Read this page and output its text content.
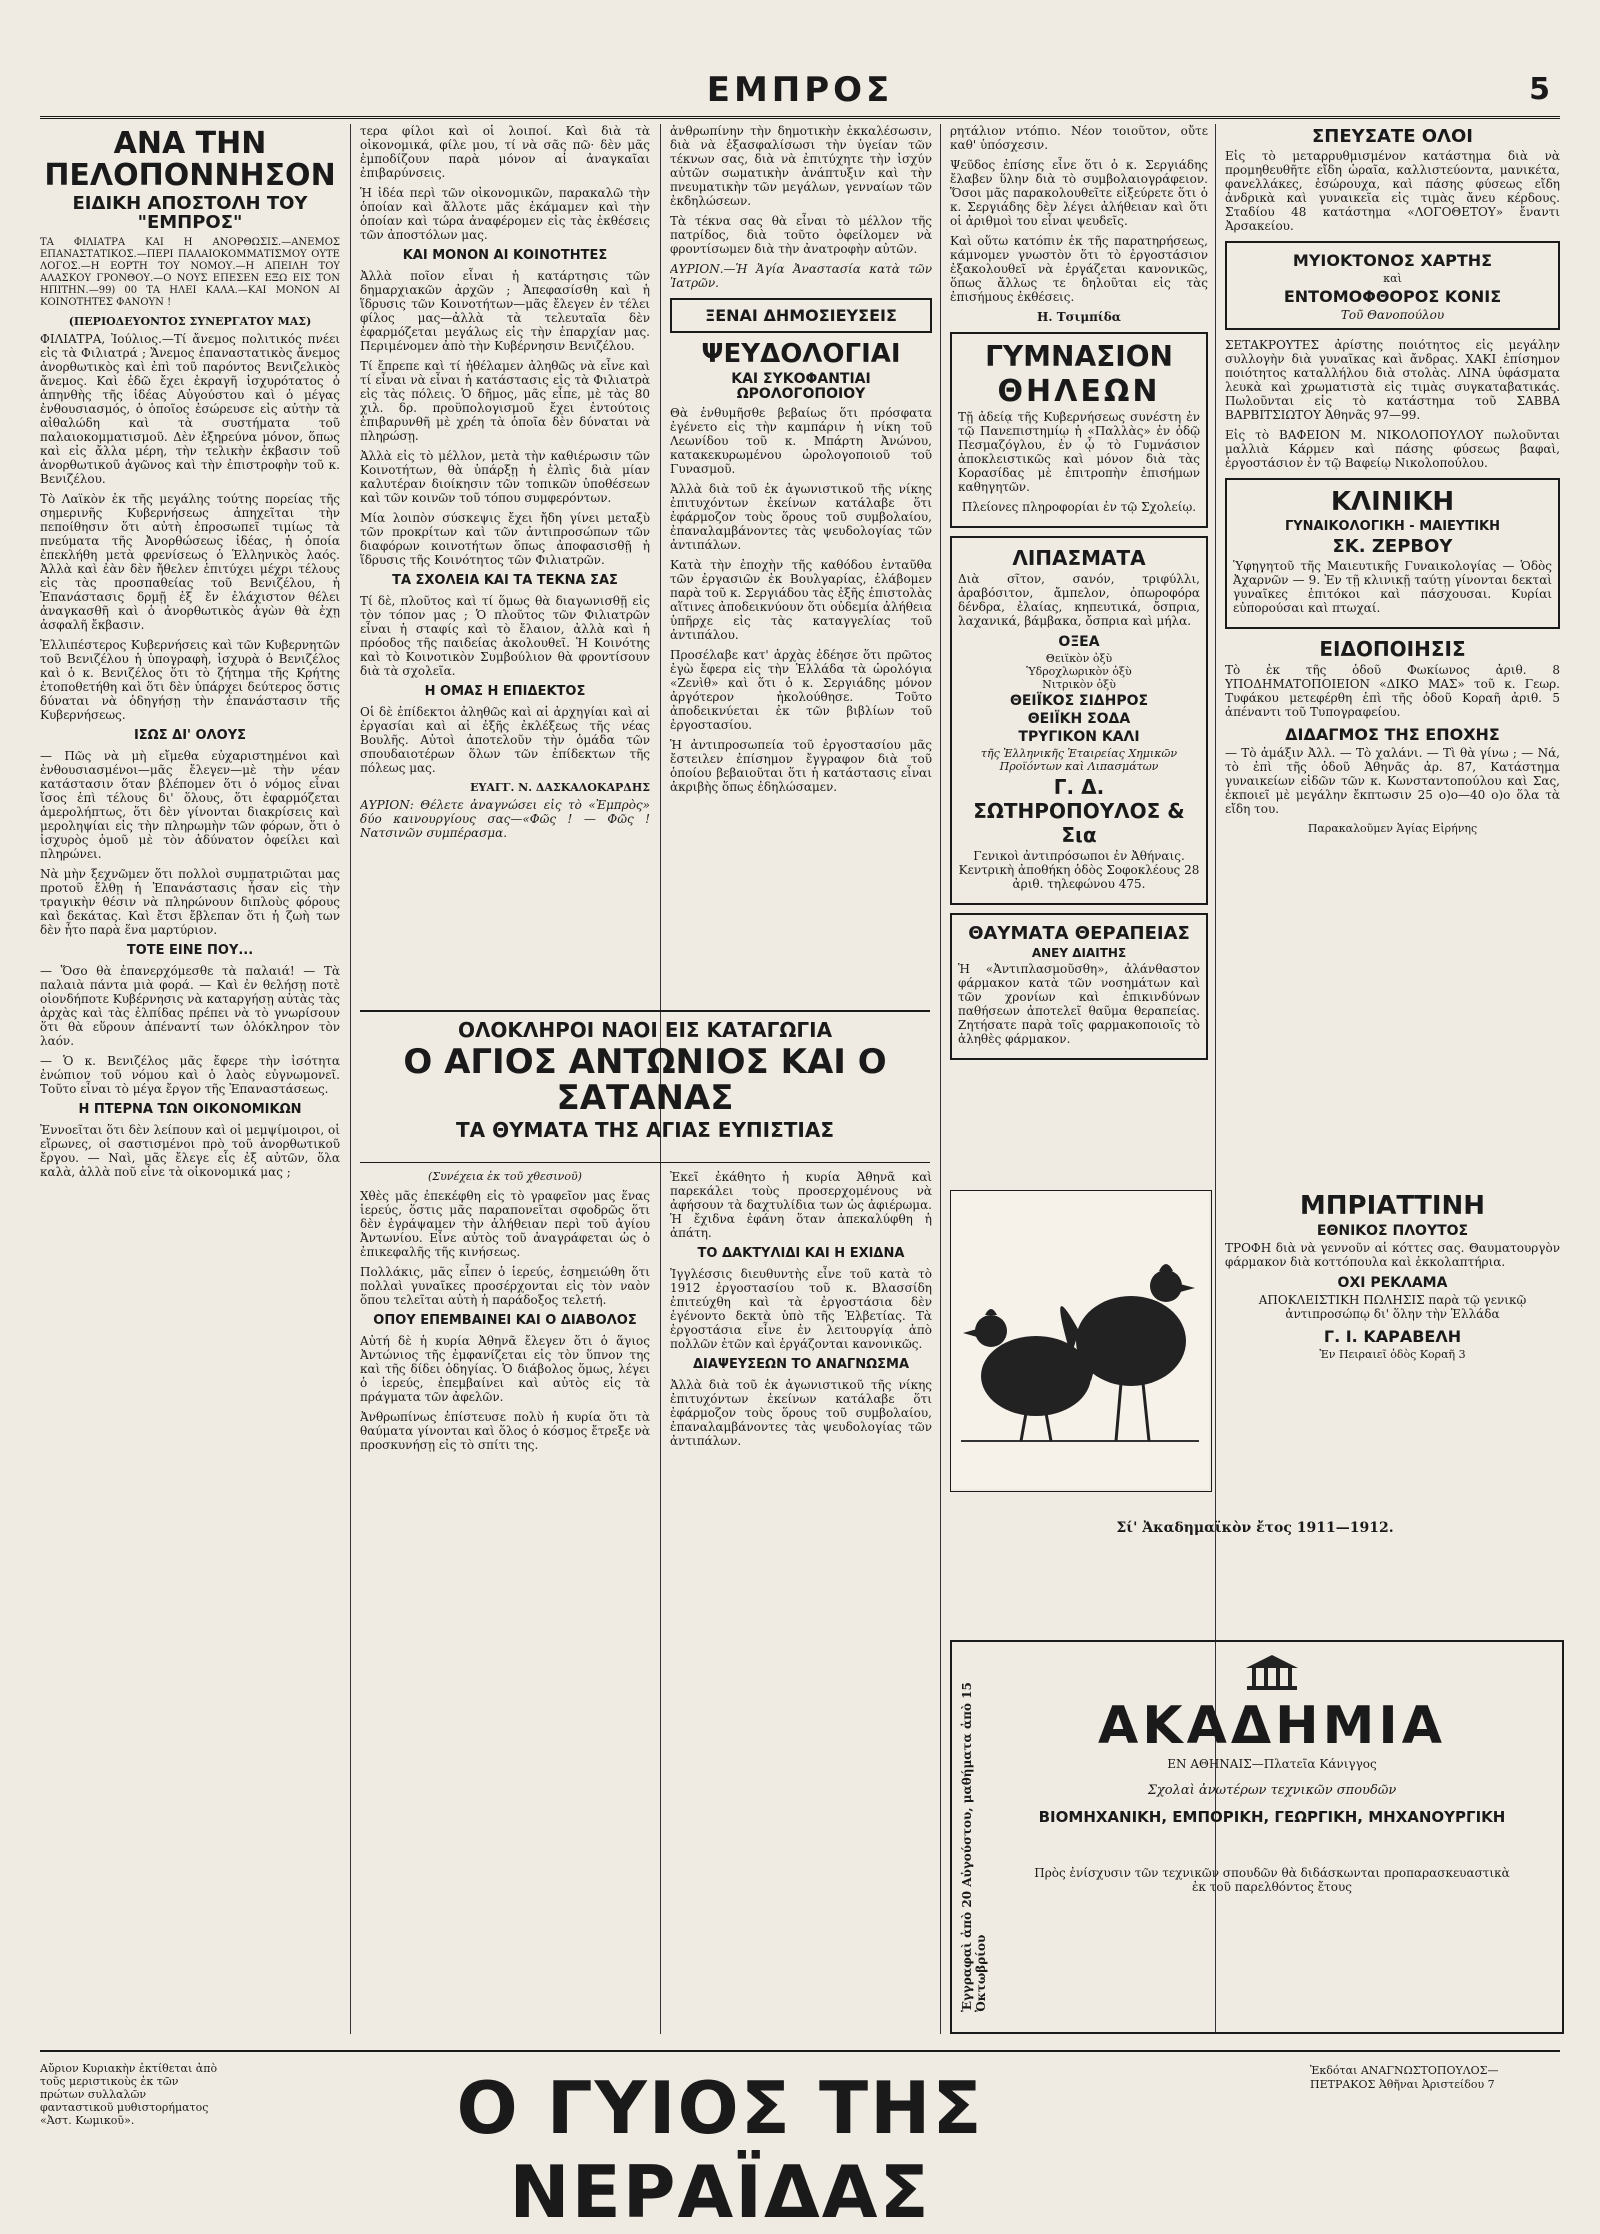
ΕΜΠΡΟΣ	5
ΑΝΑ ΤΗΝ ΠΕΛΟΠΟΝΝΗΣΟΝ
ΕΙΔΙΚΗ ΑΠΟΣΤΟΛΗ ΤΟΥ "ΕΜΠΡΟΣ"

ΤΑ ΦΙΛΙΑΤΡΑ ΚΑΙ Η ΑΝΟΡΘΩΣΙΣ.—ΑΝΕΜΟΣ ΕΠΑΝΑΣΤΑΤΙΚΟΣ.—ΠΕΡΙ ΠΑΛΑΙΟΚΟΜΜΑΤΙΣΜΟΥ ΟΥΤΕ ΛΟΓΟΣ.—Η ΕΟΡΤΗ ΤΟΥ ΝΟΜΟΥ.—Η ΑΠΕΙΛΗ ΤΟΥ ΑΛΑΣΚΟΥ ΓΡΟΝΘΟΥ.—Ο ΝΟΥΣ ΕΠΕΣΕΝ ΕΞΩ ΕΙΣ ΤΟΝ ΗΠΙΤΗΝ.—99) 00 ΤΑ ΗΛΕΙ ΚΑΛΑ.—ΚΑΙ ΜΟΝΟΝ ΑΙ ΚΟΙΝΟΤΗΤΕΣ ΦΑΝΟΥΝ !

(ΠΕΡΙΟΔΕΥΟΝΤΟΣ ΣΥΝΕΡΓΑΤΟΥ ΜΑΣ)

ΦΙΛΙΑΤΡΑ, Ἰούλιος.—Τί ἄνεμος πολιτικός πνέει εἰς τὰ Φιλιατρά ; Ἄνεμος ἐπαναστατικὸς ἄνεμος ἀνορθωτικὸς καὶ ἐπὶ τοῦ παρόντος Βενιζελικὸς ἄνεμος. Καὶ ἐδῶ ἔχει ἐκραγῆ ἰσχυρότατος ὁ ἀπηνθὴς τῆς ἰδέας Αὐγούστου καὶ ὁ μέγας ἐνθουσιασμός, ὁ ὁποῖος ἐσώρευσε εἰς αὐτὴν τὰ αἰθαλώδη καὶ τὰ συστήματα τοῦ παλαιοκομματισμοῦ. Δὲν ἐξηρεύνα μόνον, ὅπως καὶ εἰς ἄλλα μέρη, τὴν τελικὴν ἐκβασιν τοῦ ἀνορθωτικοῦ ἀγῶνος καὶ τὴν ἐπιστροφὴν τοῦ κ. Βενιζέλου.

Τὸ Λαϊκὸν ἐκ τῆς μεγάλης τούτης πορείας τῆς σημερινῆς Κυβερνήσεως ἀπηχεῖται τὴν πεποίθησιν ὅτι αὐτὴ ἐπροσωπεῖ τιμίως τὰ πνεύματα τῆς Ἀνορθώσεως ἰδέας, ἡ ὁποία ἐπεκλήθη μετὰ φρενίσεως ὁ Ἑλληνικὸς λαός. Ἀλλὰ καὶ ἐὰν δὲν ἤθελεν ἐπιτύχει μέχρι τέλους εἰς τὰς προσπαθείας τοῦ Βενιζέλου, ἡ Ἐπανάστασις δρμῇ ἐξ ἔν ἐλάχιστον θέλει ἀναγκασθῆ καὶ ὁ ἀνορθωτικὸς ἀγὼν θὰ ἐχῃ ἀσφαλῆ ἔκβασιν.

Ἐλλιπέστερος Κυβερνήσεις καὶ τῶν Κυβερνητῶν τοῦ Βενιζέλου ἡ ὑπογραφὴ, ἰσχυρὰ ὁ Βενιζέλος καὶ ὁ κ. Βενιζέλος ὅτι τὸ ζήτημα τῆς Κρήτης ἐτοποθετήθη καὶ ὅτι δὲν ὑπάρχει δεύτερος ὅστις δύναται νὰ ὁδηγήσῃ τὴν ἐπανάστασιν τῆς Κυβερνήσεως.

ΙΣΩΣ ΔΙ' ΟΛΟΥΣ

— Πῶς νὰ μὴ εἴμεθα εὐχαριστημένοι καὶ ἐνθουσιασμένοι—μᾶς ἔλεγεν—μὲ τὴν νέαν κατάστασιν ὅταν βλέπομεν ὅτι ὁ νόμος εἶναι ἴσος ἐπὶ τέλους δι' ὅλους, ὅτι ἐφαρμόζεται ἀμερολήπτως, ὅτι δὲν γίνονται διακρίσεις καὶ μεροληψίαι εἰς τὴν πληρωμὴν τῶν φόρων, ὅτι ὁ ἰσχυρὸς ὁμοῦ μὲ τὸν ἀδύνατον ὀφείλει καὶ πληρώνει.

Νὰ μὴν ξεχνῶμεν ὅτι πολλοὶ συμπατριῶται μας προτοῦ ἔλθῃ ἡ Ἐπανάστασις ἦσαν εἰς τὴν τραγικὴν θέσιν νὰ πληρώνουν διπλοὺς φόρους καὶ δεκάτας. Καὶ ἔτσι ἔβλεπαν ὅτι ἡ ζωὴ των δὲν ἦτο παρὰ ἕνα μαρτύριον.

ΤΟΤΕ ΕΙΝΕ ΠΟΥ...

— Ὅσο θὰ ἐπανερχόμεσθε τὰ παλαιά! — Τὰ παλαιὰ πάντα μιὰ φορά. — Καὶ ἐν θελήσῃ ποτὲ οἱονδήποτε Κυβέρνησις νὰ καταργήσῃ αὐτὰς τὰς ἀρχὰς καὶ τὰς ἐλπίδας πρέπει νὰ τὸ γνωρίσουν ὅτι θὰ εὕρουν ἀπέναντί των ὁλόκληρον τὸν λαόν.

— Ὁ κ. Βενιζέλος μᾶς ἔφερε τὴν ἰσότητα ἐνώπιον τοῦ νόμου καὶ ὁ λαὸς εὐγνωμονεῖ. Τοῦτο εἶναι τὸ μέγα ἔργον τῆς Ἐπαναστάσεως.

Η ΠΤΕΡΝΑ ΤΩΝ ΟΙΚΟΝΟΜΙΚΩΝ

Ἐννοεῖται ὅτι δὲν λείπουν καὶ οἱ μεμψίμοιροι, οἱ εἴρωνες, οἱ σαστισμένοι πρὸ τοῦ ἀνορθωτικοῦ ἔργου. — Ναὶ, μᾶς ἔλεγε εἷς ἐξ αὐτῶν, ὅλα καλὰ, ἀλλὰ ποῦ εἶνε τὰ οἰκονομικά μας ;

τερα φίλοι καὶ οἱ λοιποί. Καὶ διὰ τὰ οἰκονομικά, φίλε μου, τί νὰ σᾶς πῶ· δὲν μᾶς ἐμποδίζουν παρὰ μόνον αἱ ἀναγκαῖαι ἐπιβαρύνσεις.

Ἡ ἰδέα περὶ τῶν οἰκονομικῶν, παρακαλῶ τὴν ὁποίαν καὶ ἄλλοτε μᾶς ἐκάμαμεν καὶ τὴν ὁποίαν καὶ τώρα ἀναφέρομεν εἰς τὰς ἐκθέσεις τῶν ἀποστόλων μας.

ΚΑΙ ΜΟΝΟΝ ΑΙ ΚΟΙΝΟΤΗΤΕΣ

Ἀλλὰ ποῖον εἶναι ἡ κατάρτησις τῶν δημαρχιακῶν ἀρχῶν ; Ἀπεφασίσθη καὶ ἡ ἵδρυσις τῶν Κοινοτήτων—μᾶς ἔλεγεν ἐν τέλει φίλος μας—ἀλλὰ τὰ τελευταῖα δὲν ἐφαρμόζεται μεγάλως εἰς τὴν ἐπαρχίαν μας. Περιμένομεν ἀπὸ τὴν Κυβέρνησιν Βενιζέλου.

Τί ἔπρεπε καὶ τί ἠθέλαμεν ἀληθῶς νὰ εἶνε καὶ τί εἶναι νὰ εἶναι ἡ κατάστασις εἰς τὰ Φιλιατρὰ εἰς τὰς πόλεις. Ὁ δῆμος, μᾶς εἶπε, μὲ τὰς 80 χιλ. δρ. προϋπολογισμοῦ ἔχει ἐντούτοις ἐπιβαρυνθῆ μὲ χρέη τὰ ὁποῖα δὲν δύναται νὰ πληρώσῃ.

Ἀλλὰ εἰς τὸ μέλλον, μετὰ τὴν καθιέρωσιν τῶν Κοινοτήτων, θὰ ὑπάρξῃ ἡ ἐλπὶς διὰ μίαν καλυτέραν διοίκησιν τῶν τοπικῶν ὑποθέσεων καὶ τῶν κοινῶν τοῦ τόπου συμφερόντων.

Μία λοιπὸν σύσκεψις ἔχει ἤδη γίνει μεταξὺ τῶν προκρίτων καὶ τῶν ἀντιπροσώπων τῶν διαφόρων κοινοτήτων ὅπως ἀποφασισθῇ ἡ ἵδρυσις τῆς Κοινότητος τῶν Φιλιατρῶν.

ΤΑ ΣΧΟΛΕΙΑ ΚΑΙ ΤΑ ΤΕΚΝΑ ΣΑΣ

Τί δὲ, πλοῦτος καὶ τί ὅμως θὰ διαγωνισθῇ εἰς τὸν τόπον μας ; Ὁ πλοῦτος τῶν Φιλιατρῶν εἶναι ἡ σταφίς καὶ τὸ ἔλαιον, ἀλλὰ καὶ ἡ πρόοδος τῆς παιδείας ἀκολουθεῖ. Ἡ Κοινότης καὶ τὸ Κοινοτικὸν Συμβούλιον θὰ φροντίσουν διὰ τὰ σχολεῖα.

Η ΟΜΑΣ Η ΕΠΙΔΕΚΤΟΣ

Οἱ δὲ ἐπίδεκτοι ἀληθῶς καὶ αἱ ἀρχηγίαι καὶ αἱ ἐργασίαι καὶ αἱ ἐξῆς ἐκλέξεως τῆς νέας Βουλῆς. Αὐτοὶ ἀποτελοῦν τὴν ὁμάδα τῶν σπουδαιοτέρων ὅλων τῶν ἐπίδεκτων τῆς πόλεως μας.

ΕΥΑΓΓ. Ν. ΔΑΣΚΑΛΟΚΑΡΔΗΣ

ΑΥΡΙΟΝ: Θέλετε ἀναγνώσει εἰς τὸ «Ἐμπρὸς» δύο καινουργίους σας—«Φῶς ! — Φῶς ! Νατσινῶν συμπέρασμα.

ΟΛΟΚΛΗΡΟΙ ΝΑΟΙ ΕΙΣ ΚΑΤΑΓΩΓΙΑ
Ο ΑΓΙΟΣ ΑΝΤΩΝΙΟΣ ΚΑΙ Ο ΣΑΤΑΝΑΣ
ΤΑ ΘΥΜΑΤΑ ΤΗΣ ΑΓΙΑΣ ΕΥΠΙΣΤΙΑΣ
(Συνέχεια ἐκ τοῦ χθεσινοῦ)

Χθὲς μᾶς ἐπεκέφθη εἰς τὸ γραφεῖον μας ἕνας ἱερεύς, ὅστις μᾶς παραπονεῖται σφοδρῶς ὅτι δὲν ἐγράψαμεν τὴν ἀλήθειαν περὶ τοῦ ἁγίου Ἀντωνίου. Εἶνε αὐτὸς τοῦ ἀναγράφεται ὡς ὁ ἐπικεφαλῆς τῆς κινήσεως.

Πολλάκις, μᾶς εἶπεν ὁ ἱερεύς, ἐσημειώθη ὅτι πολλαὶ γυναῖκες προσέρχονται εἰς τὸν ναὸν ὅπου τελεῖται αὐτὴ ἡ παράδοξος τελετή.

ΟΠΟΥ ΕΠΕΜΒΑΙΝΕΙ ΚΑΙ Ο ΔΙΑΒΟΛΟΣ

Αὐτή δὲ ἡ κυρία Ἀθηνᾶ ἔλεγεν ὅτι ὁ ἅγιος Ἀντώνιος τῆς ἐμφανίζεται εἰς τὸν ὕπνον της καὶ τῆς δίδει ὁδηγίας. Ὁ διάβολος ὅμως, λέγει ὁ ἱερεύς, ἐπεμβαίνει καὶ αὐτὸς εἰς τὰ πράγματα τῶν ἀφελῶν.

Ἀνθρωπίνως ἐπίστευσε πολὺ ἡ κυρία ὅτι τὰ θαύματα γίνονται καὶ ὅλος ὁ κόσμος ἔτρεξε νὰ προσκυνήσῃ εἰς τὸ σπίτι της.

ἀνθρωπίνην τὴν δημοτικὴν ἐκκαλέσωσιν, διὰ νὰ ἐξασφαλίσωσι τὴν ὑγείαν τῶν τέκνων σας, διὰ νὰ ἐπιτύχητε τὴν ἰσχύν αὐτῶν σωματικὴν ἀνάπτυξιν καὶ τὴν πνευματικὴν τῶν μεγάλων, γενναίων τῶν ἐκδηλώσεων.

Τὰ τέκνα σας θὰ εἶναι τὸ μέλλον τῆς πατρίδος, διὰ τοῦτο ὀφείλομεν νὰ φροντίσωμεν διὰ τὴν ἀνατροφὴν αὐτῶν.

ΑΥΡΙΟΝ.—Ἡ Ἁγία Ἀναστασία κατὰ τῶν Ἰατρῶν.

ΞΕΝΑΙ ΔΗΜΟΣΙΕΥΣΕΙΣ
ΨΕΥΔΟΛΟΓΙΑΙ
ΚΑΙ ΣΥΚΟΦΑΝΤΙΑΙ ΩΡΟΛΟΓΟΠΟΙΟΥ

Θὰ ἐνθυμῆσθε βεβαίως ὅτι πρόσφατα ἐγένετο εἰς τὴν καμπάριν ἡ νίκη τοῦ Λεωνίδου τοῦ κ. Μπάρτη Ἀνώνου, κατακεκυρωμένου ὡρολογοποιοῦ τοῦ Γυνασμοῦ.

Ἀλλὰ διὰ τοῦ ἐκ ἀγωνιστικοῦ τῆς νίκης ἐπιτυχόντων ἐκείνων κατάλαβε ὅτι ἐφάρμοζον τοὺς ὅρους τοῦ συμβολαίου, ἐπαναλαμβάνοντες τὰς ψευδολογίας τῶν ἀντιπάλων.

Κατὰ τὴν ἐποχὴν τῆς καθόδου ἐνταῦθα τῶν ἐργασιῶν ἐκ Βουλγαρίας, ἐλάβομεν παρὰ τοῦ κ. Σεργιάδου τὰς ἐξῆς ἐπιστολὰς αἵτινες ἀποδεικνύουν ὅτι οὐδεμία ἀλήθεια ὑπῆρχε εἰς τὰς καταγγελίας τοῦ ἀντιπάλου.

Προσέλαβε κατ' ἀρχὰς ἐδέησε ὅτι πρῶτος ἐγὼ ἔφερα εἰς τὴν Ἑλλάδα τὰ ὡρολόγια «Ζενὶθ» καὶ ὅτι ὁ κ. Σεργιάδης μόνον ἀργότερον ἠκολούθησε. Τοῦτο ἀποδεικνύεται ἐκ τῶν βιβλίων τοῦ ἐργοστασίου.

Ἡ ἀντιπροσωπεία τοῦ ἐργοστασίου μᾶς ἔστειλεν ἐπίσημον ἔγγραφον διὰ τοῦ ὁποίου βεβαιοῦται ὅτι ἡ κατάστασις εἶναι ἀκριβὴς ὅπως ἐδηλώσαμεν.

Ἐκεῖ ἐκάθητο ἡ κυρία Ἀθηνᾶ καὶ παρεκάλει τοὺς προσερχομένους νὰ ἀφήσουν τὰ δαχτυλίδια των ὡς ἀφιέρωμα. Ἡ ἔχιδνα ἐφάνη ὅταν ἀπεκαλύφθη ἡ ἀπάτη.

ΤΟ ΔΑΚΤΥΛΙΔΙ ΚΑΙ Η ΕΧΙΔΝΑ

Ἰγγλέσσις διευθυντὴς εἶνε τοῦ κατὰ τὸ 1912 ἐργοστασίου τοῦ κ. Βλασσίδη ἐπιτεύχθη καὶ τὰ ἐργοστάσια δὲν ἐγένοντο δεκτὰ ὑπὸ τῆς Ἐλβετίας. Τὰ ἐργοστάσια εἶνε ἐν λειτουργίᾳ ἀπὸ πολλῶν ἐτῶν καὶ ἐργάζονται κανονικῶς.

ΔΙΑΨΕΥΣΕΩΝ ΤΟ ΑΝΑΓΝΩΣΜΑ

Ἀλλὰ διὰ τοῦ ἐκ ἀγωνιστικοῦ τῆς νίκης ἐπιτυχόντων ἐκείνων κατάλαβε ὅτι ἐφάρμοζον τοὺς ὅρους τοῦ συμβολαίου, ἐπαναλαμβάνοντες τὰς ψευδολογίας τῶν ἀντιπάλων.

ρητάλιον ντόπιο. Νέον τοιοῦτον, οὔτε καθ' ὑπόσχεσιν.

Ψεῦδος ἐπίσης εἶνε ὅτι ὁ κ. Σεργιάδης ἔλαβεν ὕλην διὰ τὸ συμβολαιογράφειον. Ὅσοι μᾶς παρακολουθεῖτε εἰξεύρετε ὅτι ὁ κ. Σεργιάδης δὲν λέγει ἀλήθειαν καὶ ὅτι οἱ ἀριθμοὶ του εἶναι ψευδεῖς.

Καὶ οὕτω κατόπιν ἐκ τῆς παρατηρήσεως, κάμνομεν γνωστὸν ὅτι τὸ ἐργοστάσιον ἐξακολουθεῖ νὰ ἐργάζεται κανονικῶς, ὅπως ἄλλως τε δηλοῦται εἰς τὰς ἐπισήμους ἐκθέσεις.

Η. Τσιμπίδα
ΓΥΜΝΑΣΙΟΝ
ΘΗΛΕΩΝ

Τῇ ἀδείᾳ τῆς Κυβερνήσεως συνέστη ἐν τῷ Πανεπιστημίῳ ἡ «Παλλὰς» ἐν ὁδῷ Πεσμαζόγλου, ἐν ᾧ τὸ Γυμνάσιον ἀποκλειστικῶς καὶ μόνον διὰ τὰς Κορασίδας μὲ ἐπιτροπὴν ἐπισήμων καθηγητῶν.

Πλείονες πληροφορίαι ἐν τῷ Σχολείῳ.

ΛΙΠΑΣΜΑΤΑ

Διὰ σῖτον, σανόν, τριφύλλι, ἀραβόσιτον, ἄμπελον, ὀπωροφόρα δένδρα, ἐλαίας, κηπευτικά, ὄσπρια, λαχανικά, βάμβακα, ὄσπρια καὶ μήλα.

ΟΞΕΑ
Θειϊκὸν ὀξὺ
Ὑδροχλωρικὸν ὀξὺ
Νιτρικὸν ὀξὺ
ΘΕΙΪΚΟΣ ΣΙΔΗΡΟΣ
ΘΕΙΪΚΗ ΣΟΔΑ
ΤΡΥΓΙΚΟΝ ΚΑΛΙ
τῆς Ἑλληνικῆς Ἑταιρείας Χημικῶν Προϊόντων καὶ Λιπασμάτων
Γ. Δ. ΣΩΤΗΡΟΠΟΥΛΟΣ & Σια

Γενικοὶ ἀντιπρόσωποι ἐν Ἀθήναις. Κεντρικὴ ἀποθήκη ὁδὸς Σοφοκλέους 28 ἀριθ. τηλεφώνου 475.

ΘΑΥΜΑΤΑ ΘΕΡΑΠΕΙΑΣ
ΑΝΕΥ ΔΙΑΙΤΗΣ

Ἡ «Ἀντιπλασμοῦσθη», ἀλάνθαστον φάρμακον κατὰ τῶν νοσημάτων καὶ τῶν χρονίων καὶ ἐπικινδύνων παθήσεων ἀποτελεῖ θαῦμα θεραπείας. Ζητήσατε παρὰ τοῖς φαρμακοποιοῖς τὸ ἀληθὲς φάρμακον.

ΣΠΕΥΣΑΤΕ ΟΛΟΙ

Εἰς τὸ μεταρρυθμισμένον κατάστημα διὰ νὰ προμηθευθῆτε εἴδη ὡραῖα, καλλιστεύοντα, μανικέτα, φανελλάκες, ἑσώρουχα, καὶ πάσης φύσεως εἴδη ἀνδρικὰ καὶ γυναικεῖα εἰς τιμὰς ἄνευ κέρδους. Σταδίου 48 κατάστημα «ΛΟΓΟΘΕΤΟΥ» ἔναντι Ἀρσακείου.

ΜΥΙΟΚΤΟΝΟΣ ΧΑΡΤΗΣ
καὶ
ΕΝΤΟΜΟΦΘΟΡΟΣ ΚΟΝΙΣ
Τοῦ Θανοπούλου

ΣΕΤΑΚΡΟΥΤΕΣ ἀρίστης ποιότητος εἰς μεγάλην συλλογὴν διὰ γυναῖκας καὶ ἄνδρας. ΧΑΚΙ ἐπίσημον ποιότητος καταλλήλου διὰ στολὰς. ΛΙΝΑ ὑφάσματα λευκὰ καὶ χρωματιστὰ εἰς τιμὰς συγκαταβατικάς. Πωλοῦνται εἰς τὸ κατάστημα τοῦ ΣΑΒΒΑ ΒΑΡΒΙΤΣΙΩΤΟΥ Ἀθηνᾶς 97—99.

Εἰς τὸ ΒΑΦΕΙΟΝ Μ. ΝΙΚΟΛΟΠΟΥΛΟΥ πωλοῦνται μαλλιὰ Κάρμεν καὶ πάσης φύσεως βαφαὶ, ἐργοστάσιον ἐν τῷ Βαφείῳ Νικολοπούλου.

ΚΛΙΝΙΚΗ
ΓΥΝΑΙΚΟΛΟΓΙΚΗ - ΜΑΙΕΥΤΙΚΗ
ΣΚ. ΖΕΡΒΟΥ

Ὑφηγητοῦ τῆς Μαιευτικῆς Γυναικολογίας — Ὁδὸς Ἀχαρνῶν — 9. Ἐν τῇ κλινικῇ ταύτῃ γίνονται δεκταὶ γυναῖκες ἐπιτόκοι καὶ πάσχουσαι. Κυρίαι εὐπορούσαι καὶ πτωχαί.

ΕΙΔΟΠΟΙΗΣΙΣ

Τὸ ἐκ τῆς ὁδοῦ Φωκίωνος ἀριθ. 8 ΥΠΟΔΗΜΑΤΟΠΟΙΕΙΟΝ «ΔΙΚΟ ΜΑΣ» τοῦ κ. Γεωρ. Τυφάκου μετεφέρθη ἐπὶ τῆς ὁδοῦ Κοραῆ ἀριθ. 5 ἀπέναντι τοῦ Τυπογραφείου.

ΔΙΔΑΓΜΟΣ ΤΗΣ ΕΠΟΧΗΣ

— Τὸ ἀμάξιν Ἀλλ. — Τὸ χαλάνι. — Τὶ θὰ γίνω ; — Νά, τὸ ἐπὶ τῆς ὁδοῦ Ἀθηνᾶς ἀρ. 87, Κατάστημα γυναικείων εἰδῶν τῶν κ. Κωνσταντοπούλου καὶ Σας, ἐκποιεῖ μὲ μεγάλην ἔκπτωσιν 25 ο)ο—40 ο)ο ὅλα τὰ εἴδη του.

Παρακαλοῦμεν Ἁγίας Εἰρήνης
ΜΠΡΙΑΤΤΙΝΗ
ΕΘΝΙΚΟΣ ΠΛΟΥΤΟΣ

ΤΡΟΦΗ διὰ νὰ γεννοῦν αἱ κόττες σας. Θαυματουργὸν φάρμακον διὰ κοττόπουλα καὶ ἐκκολαπτήρια.

ΟΧΙ ΡΕΚΛΑΜΑ

ΑΠΟΚΛΕΙΣΤΙΚΗ ΠΩΛΗΣΙΣ παρὰ τῷ γενικῷ ἀντιπροσώπῳ δι' ὅλην τὴν Ἑλλάδα

Γ. Ι. ΚΑΡΑΒΕΛΗ
Ἐν Πειραιεῖ ὁδὸς Κοραῆ 3
Σί' Ἀκαδημαϊκὸν ἔτος 1911—1912.
Ἐγγραφαὶ ἀπὸ 20 Αὐγούστου, μαθήματα ἀπὸ 15 Ὀκτωβρίου
ΑΚΑΔΗΜΙΑ
ΕΝ ΑΘΗΝΑΙΣ—Πλατεῖα Κάνιγγος
Σχολαὶ ἀνωτέρων τεχνικῶν σπουδῶν
ΒΙΟΜΗΧΑΝΙΚΗ, ΕΜΠΟΡΙΚΗ, ΓΕΩΡΓΙΚΗ, ΜΗΧΑΝΟΥΡΓΙΚΗ

Πρὸς ἐνίσχυσιν τῶν τεχνικῶν σπουδῶν θὰ διδάσκωνται προπαρασκευαστικὰ ἐκ τοῦ παρελθόντος ἔτους

Αὔριον Κυριακὴν ἐκτίθεται ἀπὸ τοῦς μεριστικοὺς ἐκ τῶν πρώτων συλλαλῶν φανταστικοῦ μυθιστορήματος «Ἀστ. Κωμικοῦ».	Ο ΓΥΙΟΣ ΤΗΣ ΝΕΡΑΪΔΑΣ
Ἐκδόται ΑΝΑΓΝΩΣΤΟΠΟΥΛΟΣ—ΠΕΤΡΑΚΟΣ Ἀθῆναι Ἀριστείδου 7
